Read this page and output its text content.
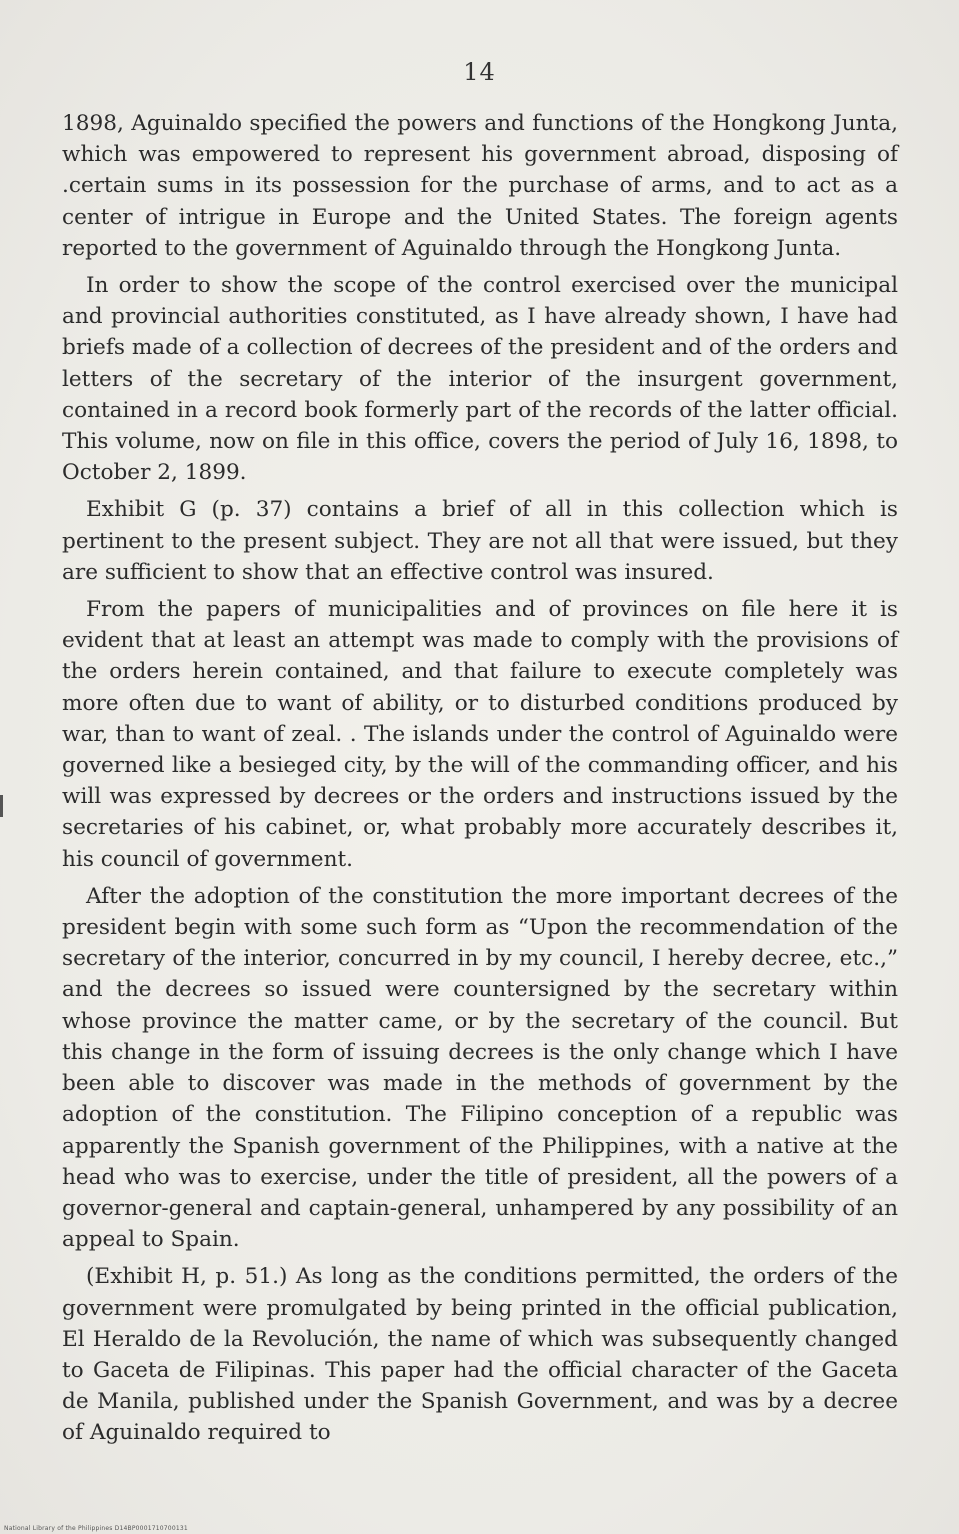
14

1898, Aguinaldo specified the powers and functions of the Hongkong Junta, which was empowered to represent his government abroad, disposing of .certain sums in its possession for the purchase of arms, and to act as a center of intrigue in Europe and the United States. The foreign agents reported to the government of Aguinaldo through the Hongkong Junta.

In order to show the scope of the control exercised over the municipal and provincial authorities constituted, as I have already shown, I have had briefs made of a collection of decrees of the president and of the orders and letters of the secretary of the interior of the insurgent government, contained in a record book formerly part of the records of the latter official. This volume, now on file in this office, covers the period of July 16, 1898, to October 2, 1899.

Exhibit G (p. 37) contains a brief of all in this collection which is pertinent to the present subject. They are not all that were issued, but they are sufficient to show that an effective control was insured.

From the papers of municipalities and of provinces on file here it is evident that at least an attempt was made to comply with the provisions of the orders herein contained, and that failure to execute completely was more often due to want of ability, or to disturbed conditions produced by war, than to want of zeal. . The islands under the control of Aguinaldo were governed like a besieged city, by the will of the commanding officer, and his will was expressed by decrees or the orders and instructions issued by the secretaries of his cabinet, or, what probably more accurately describes it, his council of government.

After the adoption of the constitution the more important decrees of the president begin with some such form as “Upon the recommendation of the secretary of the interior, concurred in by my council, I hereby decree, etc.,” and the decrees so issued were countersigned by the secretary within whose province the matter came, or by the secretary of the council. But this change in the form of issuing decrees is the only change which I have been able to discover was made in the methods of government by the adoption of the constitution. The Filipino conception of a republic was apparently the Spanish government of the Philippines, with a native at the head who was to exercise, under the title of president, all the powers of a governor-general and captain-general, unhampered by any possibility of an appeal to Spain.

(Exhibit H, p. 51.) As long as the conditions permitted, the orders of the government were promulgated by being printed in the official publication, El Heraldo de la Revolución, the name of which was subsequently changed to Gaceta de Filipinas. This paper had the official character of the Gaceta de Manila, published under the Spanish Government, and was by a decree of Aguinaldo required to

National Library of the Philippines D14BP0001710700131
